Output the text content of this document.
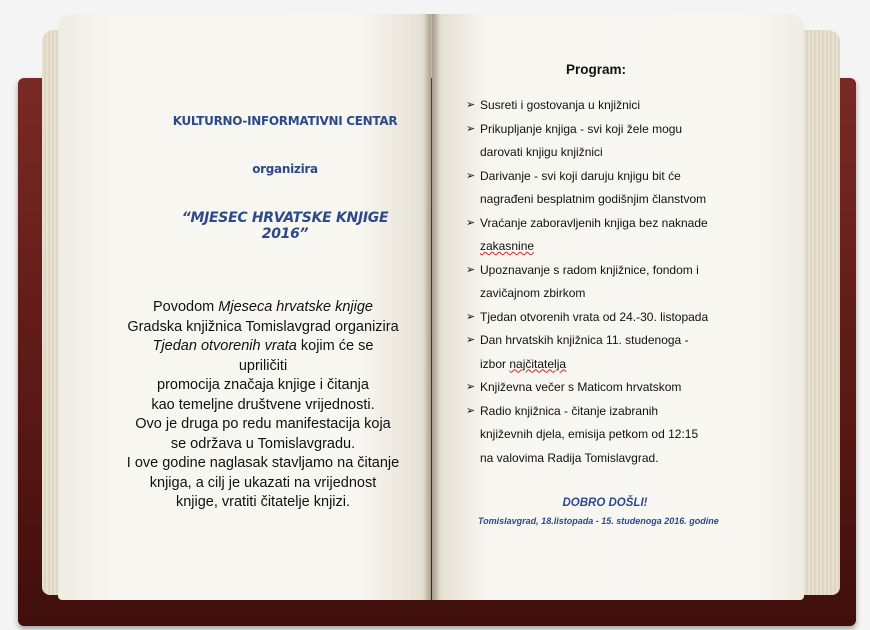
KULTURNO-INFORMATIVNI CENTAR
organizira
“MJESEC HRVATSKE KNJIGE 2016”
Povodom Mjeseca hrvatske knjige
Gradska knjižnica Tomislavgrad organizira
Tjedan otvorenih vrata kojim će se
upriličiti
promocija značaja knjige i čitanja
kao temeljne društvene vrijednosti.
Ovo je druga po redu manifestacija koja
se održava u Tomislavgradu.
I ove godine naglasak stavljamo na čitanje
knjiga, a cilj je ukazati na vrijednost
knjige, vratiti čitatelje knjizi.
Program:
➢ Susreti i gostovanja u knjižnici
➢ Prikupljanje knjiga - svi koji žele mogu
darovati knjigu knjižnici
➢ Darivanje - svi koji daruju knjigu bit će
nagrađeni besplatnim godišnjim članstvom
➢ Vraćanje zaboravljenih knjiga bez naknade
zakasnine
➢ Upoznavanje s radom knjižnice, fondom i
zavičajnom zbirkom
➢ Tjedan otvorenih vrata od 24.-30. listopada
➢ Dan hrvatskih knjižnica 11. studenoga -
izbor najčitatelja
➢ Književna večer s Maticom hrvatskom
➢ Radio knjižnica - čitanje izabranih
književnih djela, emisija petkom od 12:15
na valovima Radija Tomislavgrad.
DOBRO DOŠLI!
Tomislavgrad, 18.listopada - 15. studenoga 2016. godine
